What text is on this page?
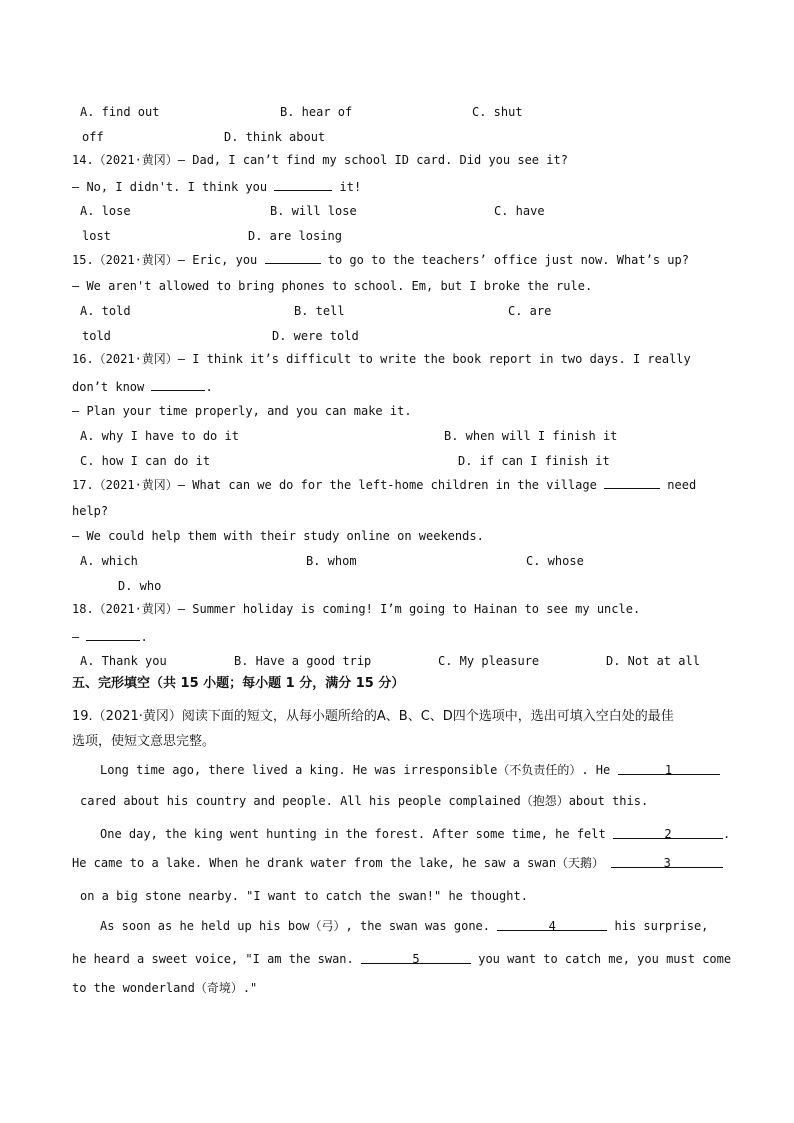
A. find out	B. hear of	C. shut
off	D. think about
14.（2021·黄冈）— Dad, I can’t find my school ID card. Did you see it?
— No, I didn't. I think you	it!
A. lose	B. will lose	C. have
lost	D. are losing
15.（2021·黄冈）— Eric, you	to go to the teachers’ office just now. What’s up?
— We aren't allowed to bring phones to school. Em, but I broke the rule.
A. told	B. tell	C. are
told	D. were told
16.（2021·黄冈）— I think it’s difficult to write the book report in two days. I really
don’t know	.
— Plan your time properly, and you can make it.
A. why I have to do it	B. when will I finish it
C. how I can do it	D. if can I finish it
17.（2021·黄冈）— What can we do for the left-home children in the village	need
help?
— We could help them with their study online on weekends.
A. which	B. whom	C. whose
D. who
18.（2021·黄冈）— Summer holiday is coming! I’m going to Hainan to see my uncle.
—	.
A. Thank you	B. Have a good trip	C. My pleasure	D. Not at all
五、完形填空（共 15 小题；每小题 1 分，满分 15 分）
19.（2021·黄冈）阅读下面的短文，从每小题所给的A、B、C、D四个选项中，选出可填入空白处的最佳
选项，使短文意思完整。
Long time ago, there lived a king. He was irresponsible（不负责任的）. He	1
cared about his country and people. All his people complained（抱怨）about this.
One day, the king went hunting in the forest. After some time, he felt	2	.
He came to a lake. When he drank water from the lake, he saw a swan（天鹅）	3
on a big stone nearby. "I want to catch the swan!" he thought.
As soon as he held up his bow（弓）, the swan was gone.	4	his surprise,
he heard a sweet voice, "I am the swan.	5	you want to catch me, you must come
to the wonderland（奇境）."
